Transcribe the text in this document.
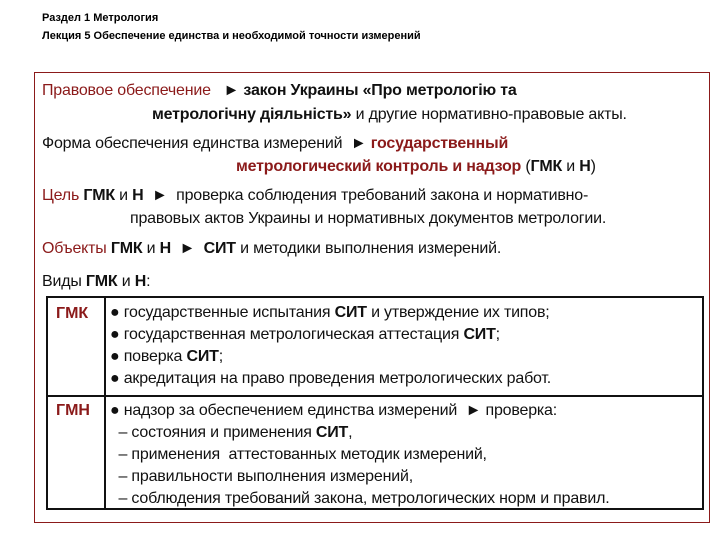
Раздел 1 Метрология
Лекция 5 Обеспечение единства и необходимой точности измерений
Правовое обеспечение   ► закон Украины «Про метрологію та
метрологічну діяльність» и другие нормативно-правовые акты.
Форма обеспечения единства измерений  ► государственный
метрологический контроль и надзор (ГМК и Н)
Цель ГМК и Н  ►  проверка соблюдения требований закона и нормативно-
правовых актов Украины и нормативных документов метрологии.
Объекты ГМК и Н  ►  СИТ и методики выполнения измерений.
Виды ГМК и Н:
ГМК
ГМН
● государственные испытания СИТ и утверждение их типов;
● государственная метрологическая аттестация СИТ;
● поверка СИТ;
● акредитация на право проведения метрологических работ.
● надзор за обеспечением единства измерений  ► проверка:
– состояния и применения СИТ,
– применения  аттестованных методик измерений,
– правильности выполнения измерений,
– соблюдения требований закона, метрологических норм и правил.
